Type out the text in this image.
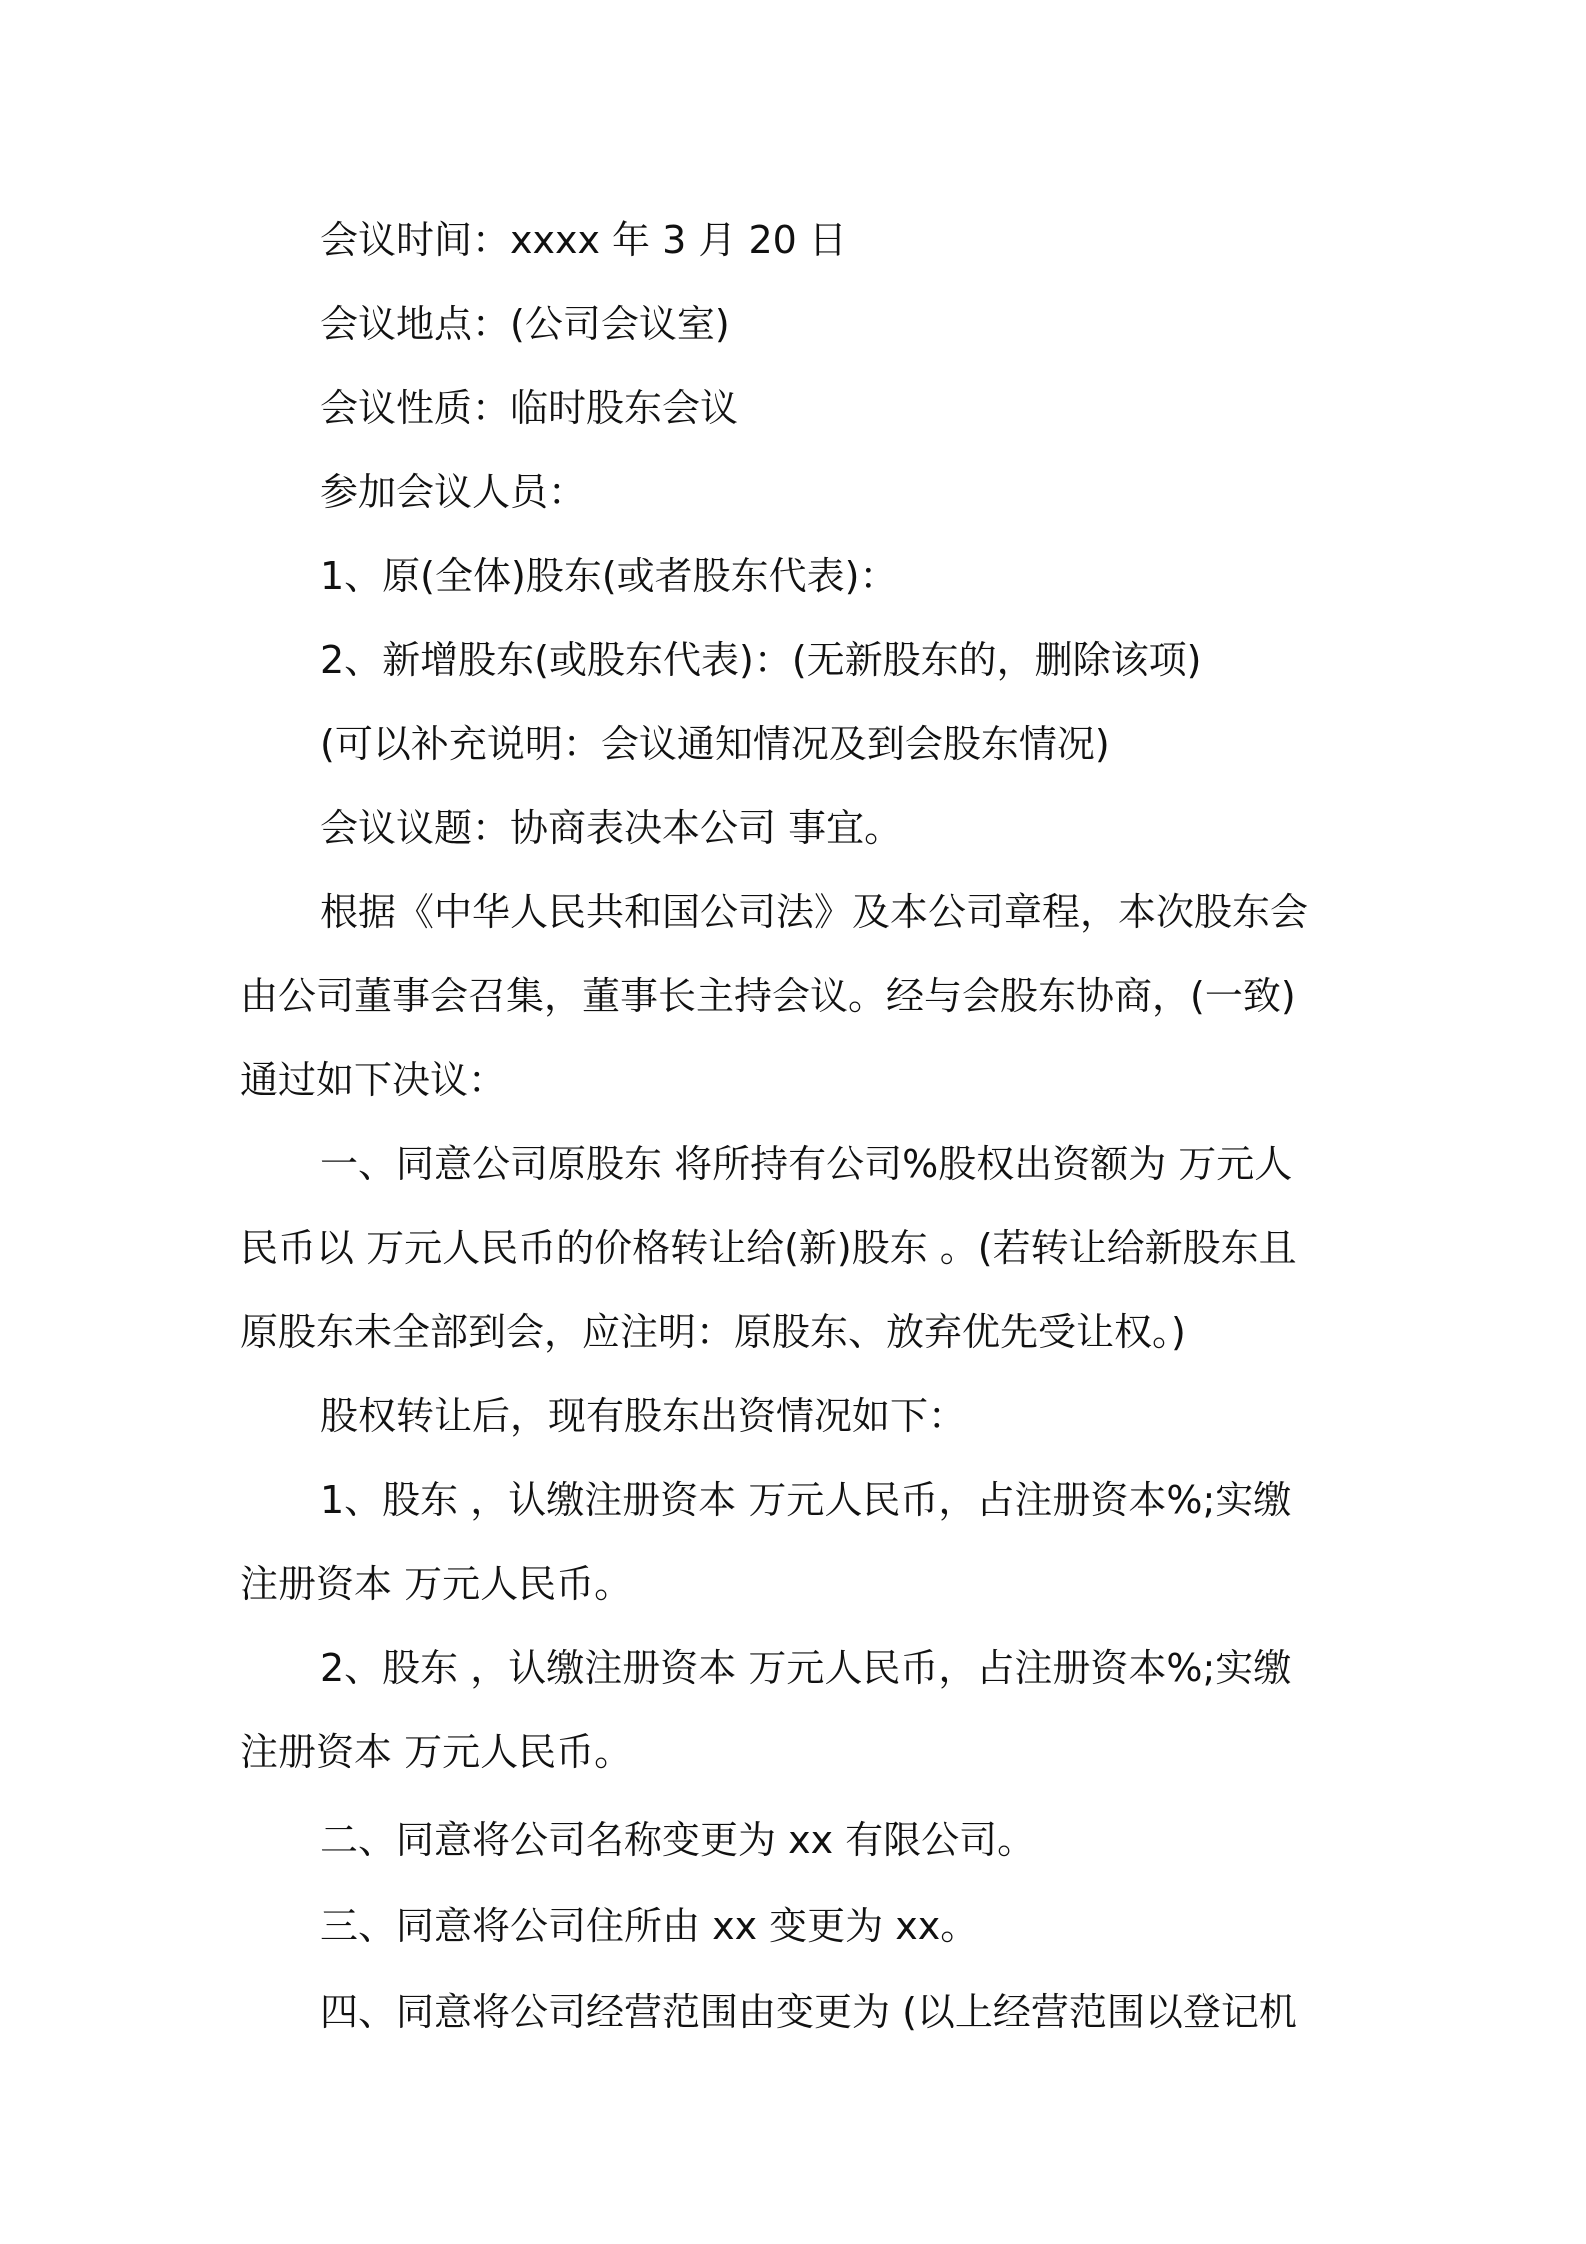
会议时间：xxxx 年 3 月 20 日
会议地点：(公司会议室)
会议性质：临时股东会议
参加会议人员：
1、原(全体)股东(或者股东代表)：
2、新增股东(或股东代表)：(无新股东的，删除该项)
(可以补充说明：会议通知情况及到会股东情况)
会议议题：协商表决本公司 事宜。
根据《中华人民共和国公司法》及本公司章程，本次股东会
由公司董事会召集，董事长主持会议。经与会股东协商，(一致)
通过如下决议：
一、同意公司原股东 将所持有公司%股权出资额为 万元人
民币以 万元人民币的价格转让给(新)股东 。(若转让给新股东且
原股东未全部到会，应注明：原股东、放弃优先受让权。)
股权转让后，现有股东出资情况如下：
1、股东 ，认缴注册资本 万元人民币，占注册资本%;实缴
注册资本 万元人民币。
2、股东 ，认缴注册资本 万元人民币，占注册资本%;实缴
注册资本 万元人民币。
二、同意将公司名称变更为 xx 有限公司。
三、同意将公司住所由 xx 变更为 xx。
四、同意将公司经营范围由变更为 (以上经营范围以登记机
